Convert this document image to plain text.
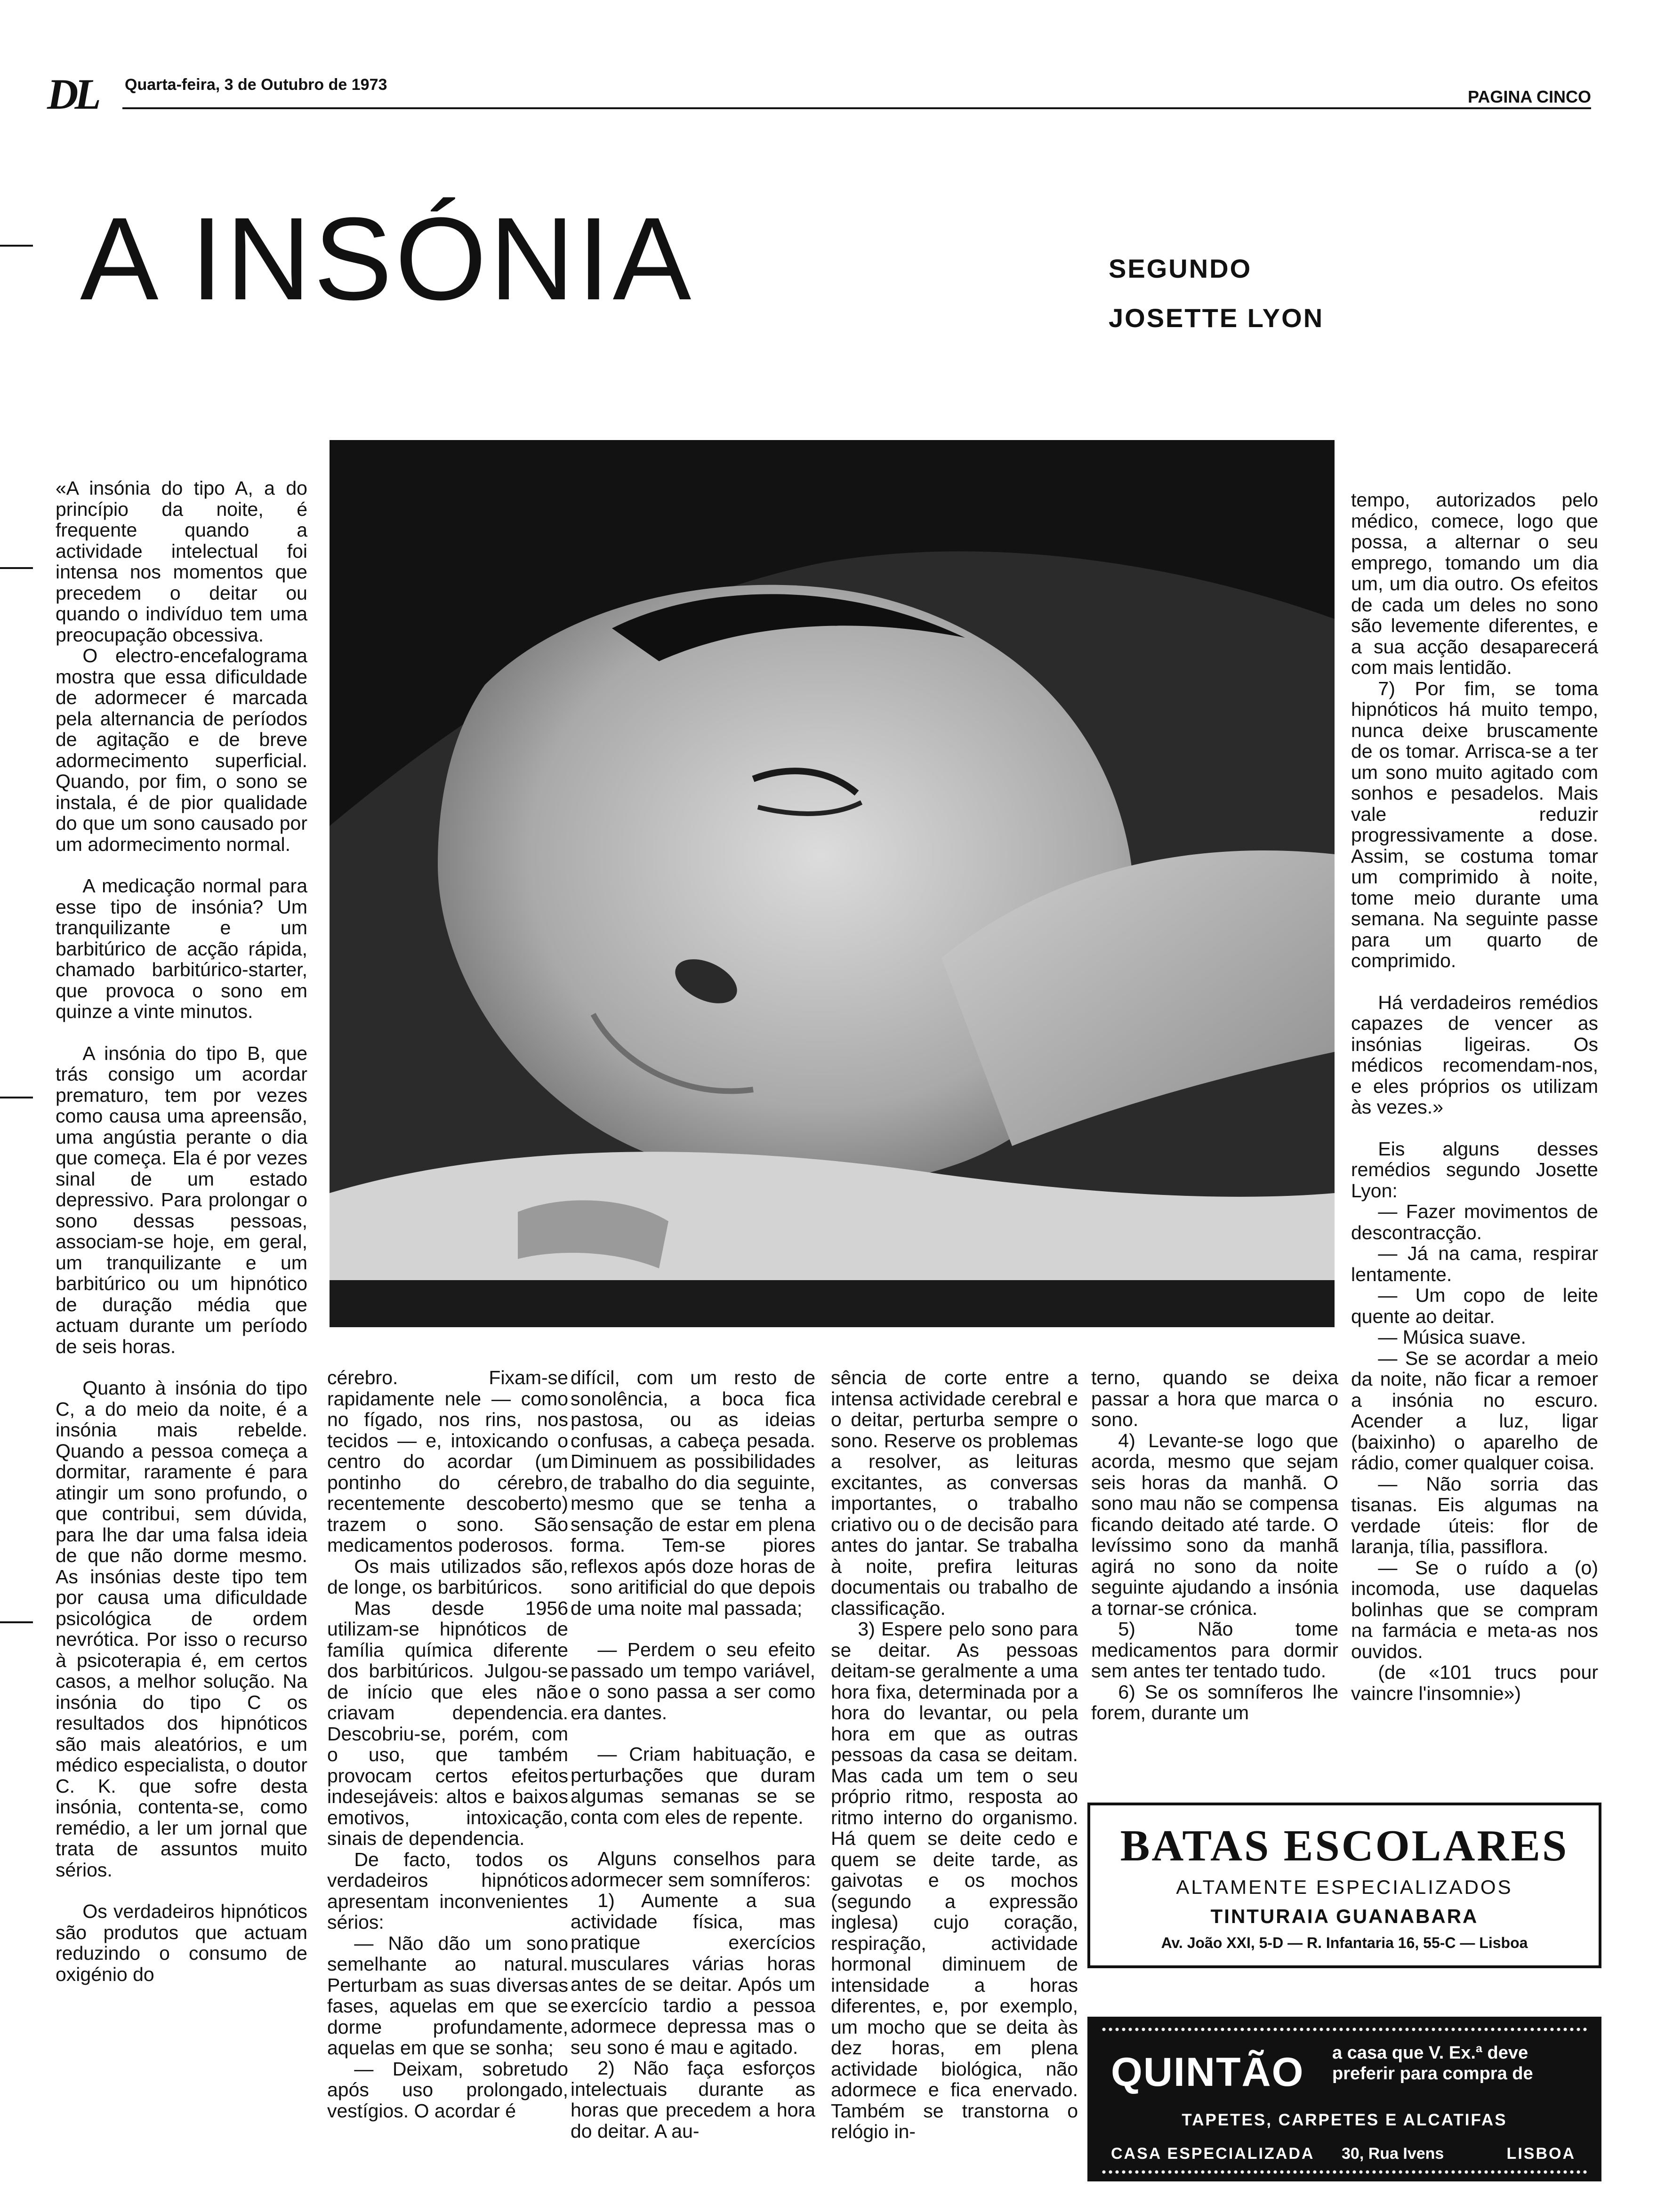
DL Quarta-feira, 3 de Outubro de 1973
PAGINA CINCO
A INSÓNIA	SEGUNDO
JOSETTE LYON

«A insónia do tipo A, a do princípio da noite, é frequente quando a actividade intelectual foi intensa nos momentos que precedem o deitar ou quando o indivíduo tem uma preocupação obcessiva.

O electro-encefalograma mostra que essa dificuldade de adormecer é marcada pela alternancia de períodos de agitação e de breve adormecimento superficial. Quando, por fim, o sono se instala, é de pior qualidade do que um sono causado por um adormecimento normal.

A medicação normal para esse tipo de insónia? Um tranquilizante e um barbitúrico de acção rápida, chamado barbitúrico-starter, que provoca o sono em quinze a vinte minutos.

A insónia do tipo B, que trás consigo um acordar prematuro, tem por vezes como causa uma apreensão, uma angústia perante o dia que começa. Ela é por vezes sinal de um estado depressivo. Para prolongar o sono dessas pessoas, associam-se hoje, em geral, um tranquilizante e um barbitúrico ou um hipnótico de duração média que actuam durante um período de seis horas.

Quanto à insónia do tipo C, a do meio da noite, é a insónia mais rebelde. Quando a pessoa começa a dormitar, raramente é para atingir um sono profundo, o que contribui, sem dúvida, para lhe dar uma falsa ideia de que não dorme mesmo. As insónias deste tipo tem por causa uma dificuldade psicológica de ordem nevrótica. Por isso o recurso à psicoterapia é, em certos casos, a melhor solução. Na insónia do tipo C os resultados dos hipnóticos são mais aleatórios, e um médico especialista, o doutor C. K. que sofre desta insónia, contenta-se, como remédio, a ler um jornal que trata de assuntos muito sérios.

Os verdadeiros hipnóticos são produtos que actuam reduzindo o consumo de oxigénio do

cérebro. Fixam-se rapidamente nele — como no fígado, nos rins, nos tecidos — e, intoxicando o centro do acordar (um pontinho do cérebro, recentemente descoberto) trazem o sono. São medicamentos poderosos.

Os mais utilizados são, de longe, os barbitúricos.

Mas desde 1956 utilizam-se hipnóticos de família química diferente dos barbitúricos. Julgou-se de início que eles não criavam dependencia. Descobriu-se, porém, com o uso, que também provocam certos efeitos indesejáveis: altos e baixos emotivos, intoxicação, sinais de dependencia.

De facto, todos os verdadeiros hipnóticos apresentam inconvenientes sérios:

— Não dão um sono semelhante ao natural. Perturbam as suas diversas fases, aquelas em que se dorme profundamente, aquelas em que se sonha;

— Deixam, sobretudo após uso prolongado, vestígios. O acordar é

difícil, com um resto de sonolência, a boca fica pastosa, ou as ideias confusas, a cabeça pesada. Diminuem as possibilidades de trabalho do dia seguinte, mesmo que se tenha a sensação de estar em plena forma. Tem-se piores reflexos após doze horas de sono aritificial do que depois de uma noite mal passada;

— Perdem o seu efeito passado um tempo variável, e o sono passa a ser como era dantes.

— Criam habituação, e perturbações que duram algumas semanas se se conta com eles de repente.

Alguns conselhos para adormecer sem somníferos:

1) Aumente a sua actividade física, mas pratique exercícios musculares várias horas antes de se deitar. Após um exercício tardio a pessoa adormece depressa mas o seu sono é mau e agitado.

2) Não faça esforços intelectuais durante as horas que precedem a hora do deitar. A au-

sência de corte entre a intensa actividade cerebral e o deitar, perturba sempre o sono. Reserve os problemas a resolver, as leituras excitantes, as conversas importantes, o trabalho criativo ou o de decisão para antes do jantar. Se trabalha à noite, prefira leituras documentais ou trabalho de classificação.

3) Espere pelo sono para se deitar. As pessoas deitam-se geralmente a uma hora fixa, determinada por a hora do levantar, ou pela hora em que as outras pessoas da casa se deitam. Mas cada um tem o seu próprio ritmo, resposta ao ritmo interno do organismo. Há quem se deite cedo e quem se deite tarde, as gaivotas e os mochos (segundo a expressão inglesa) cujo coração, respiração, actividade hormonal diminuem de intensidade a horas diferentes, e, por exemplo, um mocho que se deita às dez horas, em plena actividade biológica, não adormece e fica enervado. Também se transtorna o relógio in-

terno, quando se deixa passar a hora que marca o sono.

4) Levante-se logo que acorda, mesmo que sejam seis horas da manhã. O sono mau não se compensa ficando deitado até tarde. O levíssimo sono da manhã agirá no sono da noite seguinte ajudando a insónia a tornar-se crónica.

5) Não tome medicamentos para dormir sem antes ter tentado tudo.

6) Se os somníferos lhe forem, durante um

tempo, autorizados pelo médico, comece, logo que possa, a alternar o seu emprego, tomando um dia um, um dia outro. Os efeitos de cada um deles no sono são levemente diferentes, e a sua acção desaparecerá com mais lentidão.

7) Por fim, se toma hipnóticos há muito tempo, nunca deixe bruscamente de os tomar. Arrisca-se a ter um sono muito agitado com sonhos e pesadelos. Mais vale reduzir progressivamente a dose. Assim, se costuma tomar um comprimido à noite, tome meio durante uma semana. Na seguinte passe para um quarto de comprimido.

Há verdadeiros remédios capazes de vencer as insónias ligeiras. Os médicos recomendam-nos, e eles próprios os utilizam às vezes.»

Eis alguns desses remédios segundo Josette Lyon:

— Fazer movimentos de descontracção.

— Já na cama, respirar lentamente.

— Um copo de leite quente ao deitar.

— Música suave.

— Se se acordar a meio da noite, não ficar a remoer a insónia no escuro. Acender a luz, ligar (baixinho) o aparelho de rádio, comer qualquer coisa.

— Não sorria das tisanas. Eis algumas na verdade úteis: flor de laranja, tília, passiflora.

— Se o ruído a (o) incomoda, use daquelas bolinhas que se compram na farmácia e meta-as nos ouvidos.

(de «101 trucs pour vaincre l'insomnie»)

BATAS ESCOLARES
ALTAMENTE ESPECIALIZADOS
TINTURAIA GUANABARA
Av. João XXI, 5-D — R. Infantaria 16, 55-C — Lisboa
QUINTÃO a casa que V. Ex.ª deve preferir para compra de
TAPETES, CARPETES E ALCATIFAS
CASA ESPECIALIZADA 30, Rua Ivens	LISBOA
